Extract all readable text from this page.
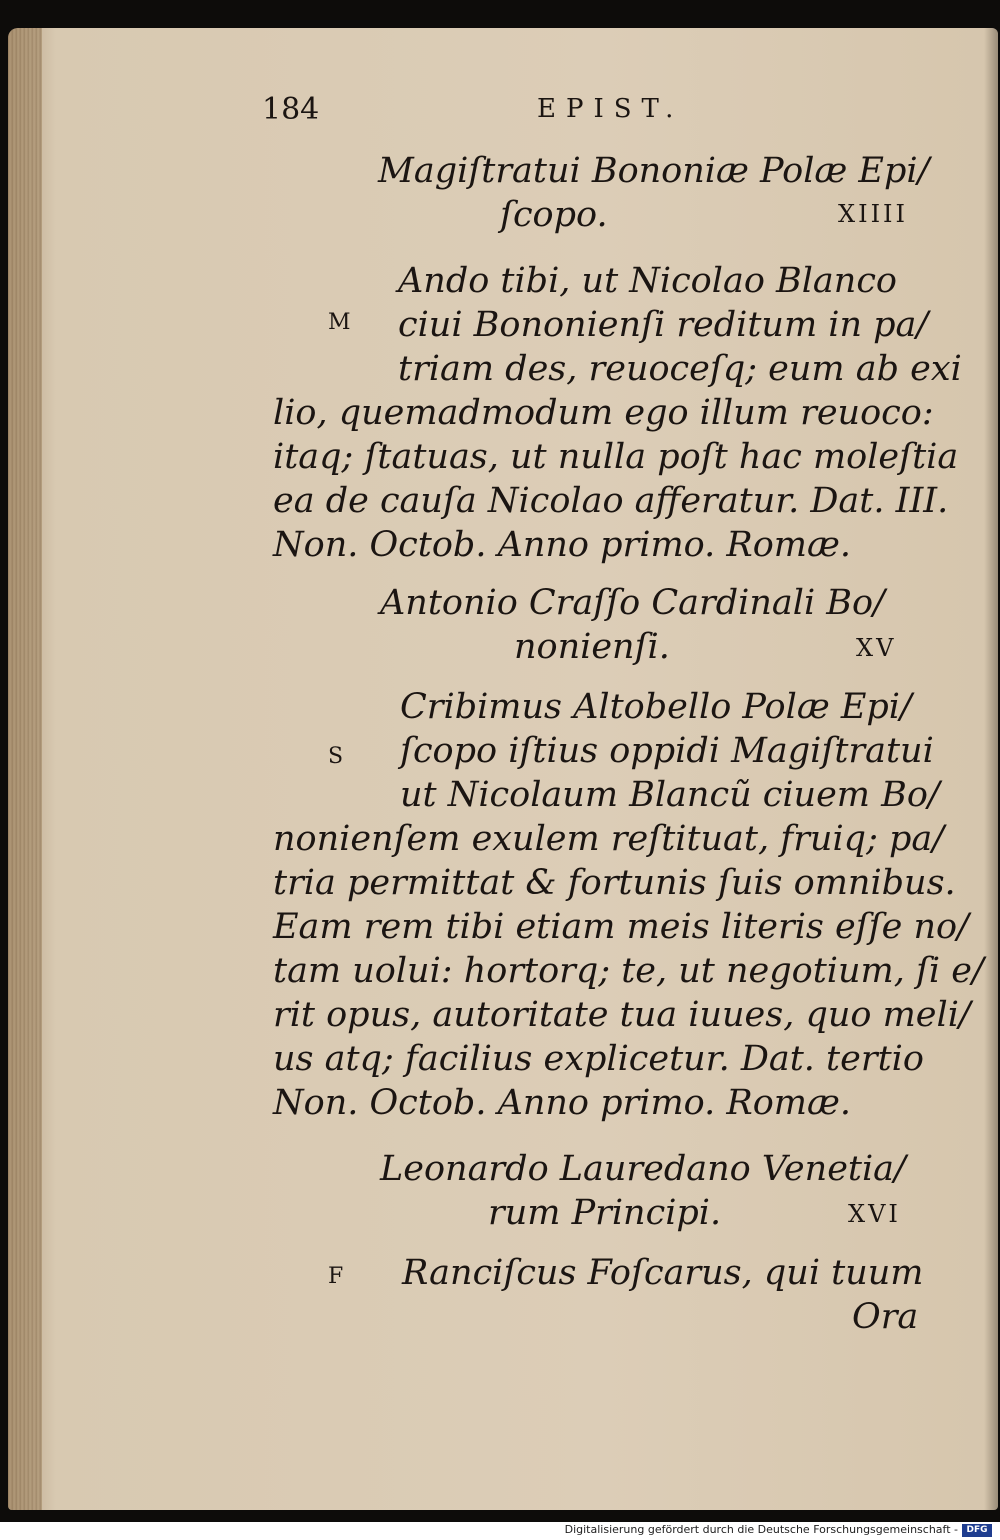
184	EPIST.
Magiſtratui Bononiæ Polæ Epi/
ſcopo.	XIIII
M
Ando tibi, ut Nicolao Blanco
ciui Bononienſi reditum in pa/
triam des, reuoceſq; eum ab exi
lio, quemadmodum ego illum reuoco:
itaq; ſtatuas, ut nulla poſt hac moleſtia
ea de cauſa Nicolao afferatur. Dat. III.
Non. Octob. Anno primo. Romæ.
Antonio Craſſo Cardinali Bo/
nonienſi.	XV
S
Cribimus Altobello Polæ Epi/
ſcopo iſtius oppidi Magiſtratui
ut Nicolaum Blancũ ciuem Bo/
nonienſem exulem reſtituat, fruiq; pa/
tria permittat & fortunis ſuis omnibus.
Eam rem tibi etiam meis literis eſſe no/
tam uolui: hortorq; te, ut negotium, ſi e/
rit opus, autoritate tua iuues, quo meli/
us atq; facilius explicetur. Dat. tertio
Non. Octob. Anno primo. Romæ.
Leonardo Lauredano Venetia/
rum Principi.	XVI
F Ranciſcus Foſcarus, qui tuum
Ora
Digitalisierung gefördert durch die Deutsche Forschungsgemeinschaft - DFG
